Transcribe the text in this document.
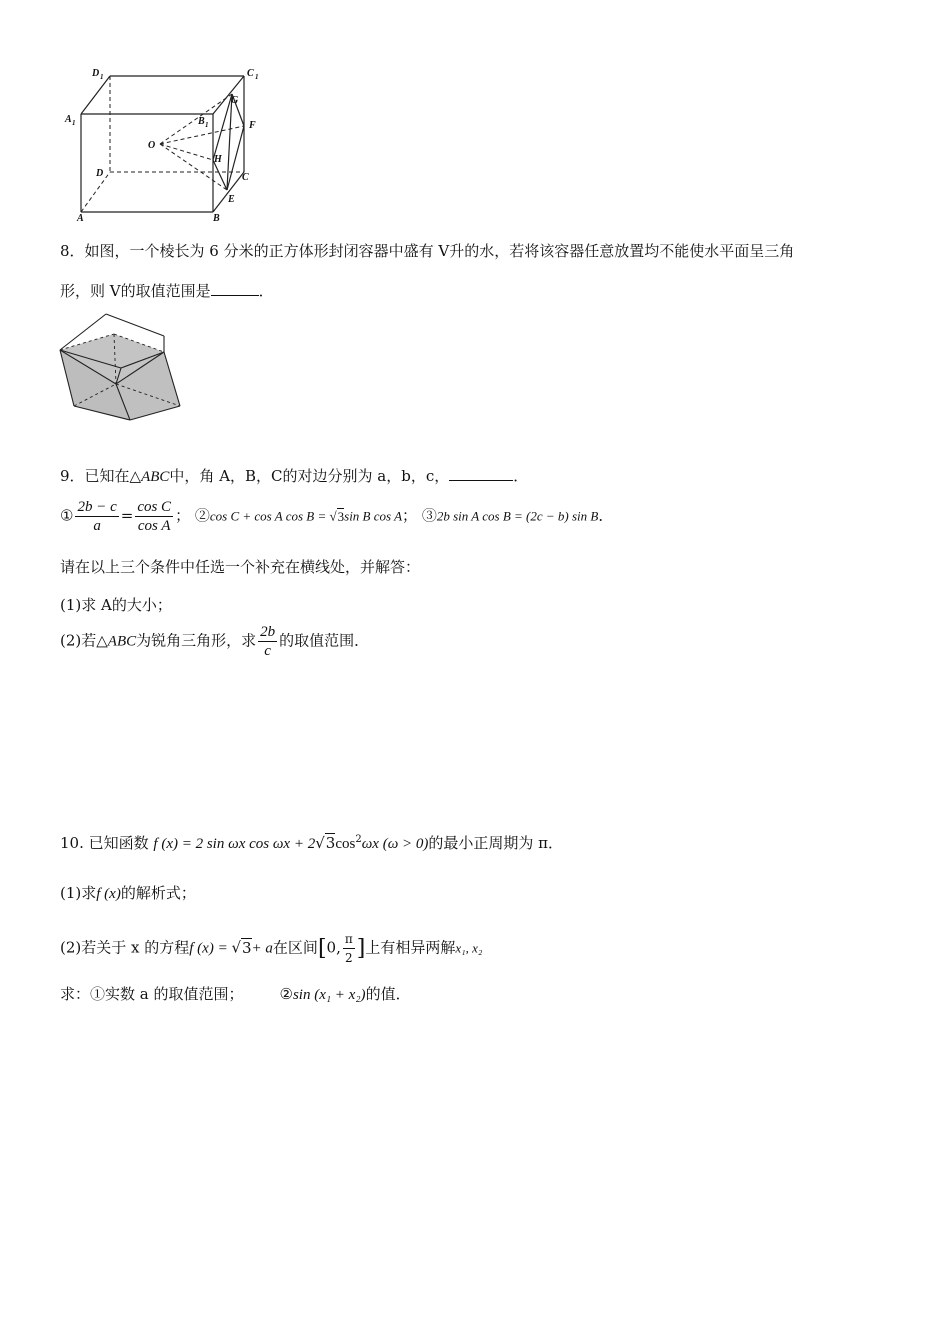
D 1	C 1
A 1	B 1
G
F
O
H
D	C
E
A	B
8．如图，一个棱长为 6 分米的正方体形封闭容器中盛有 V升的水，若将该容器任意放置均不能使水平面呈三角
形，则 V的取值范围是	．
9．已知在△ABC中，角 A，B，C的对边分别为 a，b，c，	．
① $\frac{2b - c}{a} = \frac{\text{cos C}}{\text{cos A}}$ ； ②cos C + cos A cos B = √3sin B cos A； ③2b sin A cos B = (2c − b) sin B．
请在以上三个条件中任选一个补充在横线处，并解答：
(1)求 A的大小；
(2)若△ABC为锐角三角形，求 $\frac{2b}{c}$ 的取值范围．
10. 已知函数 f (x) = 2 sin ωx $\cos \omega x + 2√3\cos^2\omega x$ (ω > 0)的最小正周期为 π．
(1)求f (x)的解析式；
(2)若关于 x 的方程f (x) = √3+ a在区间[0, $\frac{\pi}{2}$ ]上有相异两解x₁, x₂
求：①实数 a 的取值范围； ②sin (x₁ + x₂)的值．
